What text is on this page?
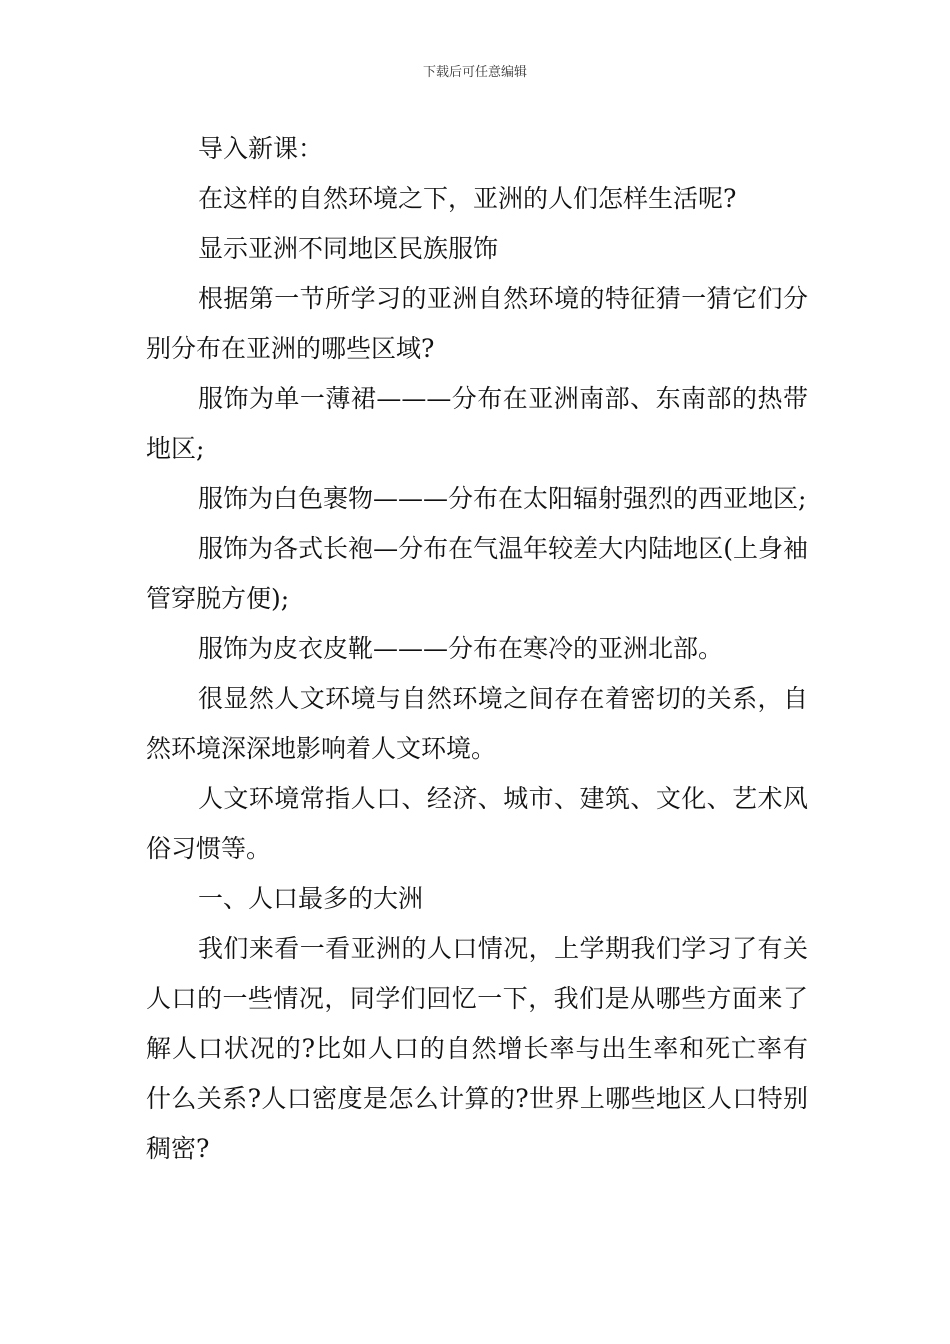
下载后可任意编辑

导入新课：

在这样的自然环境之下，亚洲的人们怎样生活呢?

显示亚洲不同地区民族服饰

根据第一节所学习的亚洲自然环境的特征猜一猜它们分别分布在亚洲的哪些区域?

服饰为单一薄裙———分布在亚洲南部、东南部的热带地区;

服饰为白色裹物———分布在太阳辐射强烈的西亚地区;

服饰为各式长袍—分布在气温年较差大内陆地区(上身袖管穿脱方便);

服饰为皮衣皮靴———分布在寒冷的亚洲北部。

很显然人文环境与自然环境之间存在着密切的关系，自然环境深深地影响着人文环境。

人文环境常指人口、经济、城市、建筑、文化、艺术风俗习惯等。

一、人口最多的大洲

我们来看一看亚洲的人口情况，上学期我们学习了有关人口的一些情况，同学们回忆一下，我们是从哪些方面来了解人口状况的?比如人口的自然增长率与出生率和死亡率有什么关系?人口密度是怎么计算的?世界上哪些地区人口特别稠密?
